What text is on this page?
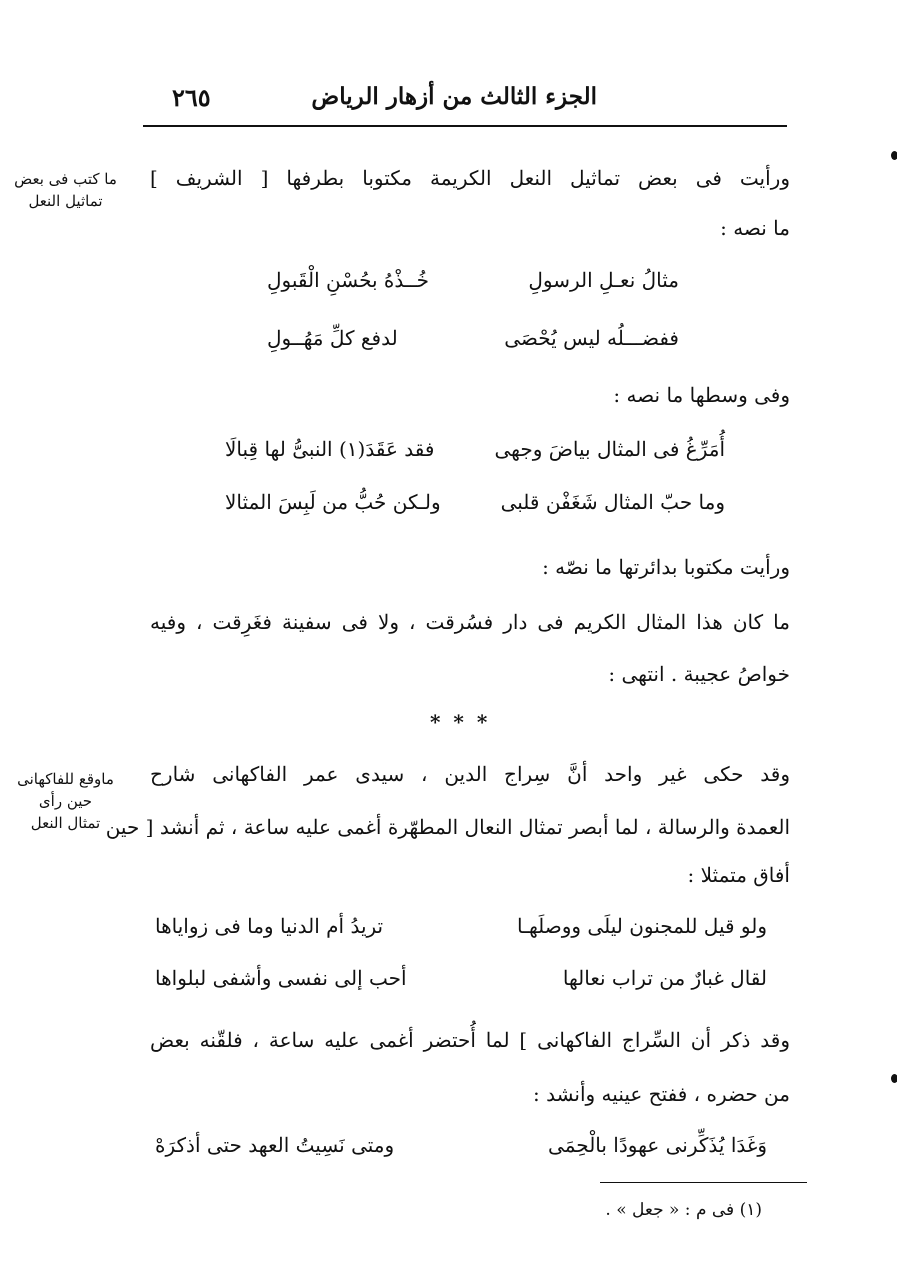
الجزء الثالث من أزهار الرياض
٢٦٥
ما كتب فى بعض
تماثيل النعل
ماوقع للفاكهانى
حين رأى
تمثال النعل
ورأيت فى بعض تماثيل النعل الكريمة مكتوبا بطرفها [ الشريف ]
ما نصه :
مثالُ نعـلِ الرسولِ
خُــذْهُ بحُسْنِ الْقَبولِ
ففضـــلُه ليس يُحْصَى
لدفع كلِّ مَهُــولِ
وفى وسطها ما نصه :
أُمَرِّغُ فى المثال بياضَ وجهى
فقد عَقَدَ(١) النبىُّ لها قِبالَا
وما حبّ المثال شَغَفْن قلبى
ولـكن حُبُّ من لَبِسَ المثالا
ورأيت مكتوبا بدائرتها ما نصّه :
ما كان هذا المثال الكريم فى دار فسُرقت ، ولا فى سفينة فغَرِقت ، وفيه
خواصُ عجيبة . انتهى :
* * *
وقد حكى غير واحد أنَّ سِراج الدين ، سيدى عمر الفاكهانى شارح
العمدة والرسالة ، لما أبصر تمثال النعال المطهّرة أغمى عليه ساعة ، ثم أنشد [ حين
أفاق متمثلا :
ولو قيل للمجنون ليلَى ووصلَهـا
تريدُ أم الدنيا وما فى زواياها
لقال غبارٌ من تراب نعالها
أحب إلى نفسى وأشفى لبلواها
وقد ذكر أن السِّراج الفاكهانى ] لما أُحتضر أغمى عليه ساعة ، فلقّنه بعض
من حضره ، ففتح عينيه وأنشد :
وَغَدَا يُذَكِّرنى عهودًا بالْحِمَى
ومتى نَسِيتُ العهد حتى أذكرَهْ
(١) فى م : « جعل » .
